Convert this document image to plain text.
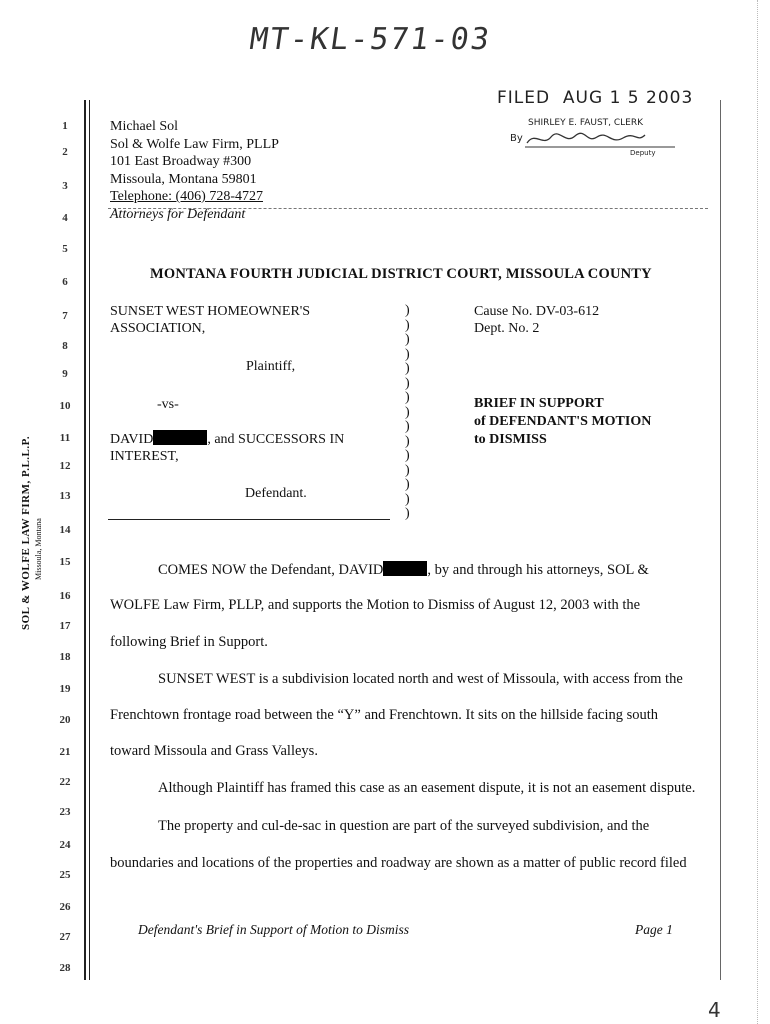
MT-KL-571-03
FILED AUG 1 5 2003
SHIRLEY E. FAUST, CLERK
By
Deputy
SOL & WOLFE LAW FIRM, P.L.L.P. Missoula, Montana
1
2
3
4
5
6
7
8
9
10
11
12
13
14
15
16
17
18
19
20
21
22
23
24
25
26
27
28
Michael Sol
Sol & Wolfe Law Firm, PLLP
101 East Broadway #300
Missoula, Montana 59801
Telephone: (406) 728-4727
Attorneys for Defendant
MONTANA FOURTH JUDICIAL DISTRICT COURT, MISSOULA COUNTY
SUNSET WEST HOMEOWNER'S
ASSOCIATION,
Plaintiff,
-vs-
DAVID	, and SUCCESSORS IN
INTEREST,
Defendant.
)
)
)
)
)
)
)
)
)
)
)
)
)
)
)
Cause No. DV-03-612
Dept. No. 2
BRIEF IN SUPPORT
of DEFENDANT'S MOTION
to DISMISS
COMES NOW the Defendant, DAVID	, by and through his attorneys, SOL &
WOLFE Law Firm, PLLP, and supports the Motion to Dismiss of August 12, 2003 with the
following Brief in Support.
SUNSET WEST is a subdivision located north and west of Missoula, with access from the
Frenchtown frontage road between the “Y” and Frenchtown. It sits on the hillside facing south
toward Missoula and Grass Valleys.
Although Plaintiff has framed this case as an easement dispute, it is not an easement dispute.
The property and cul-de-sac in question are part of the surveyed subdivision, and the
boundaries and locations of the properties and roadway are shown as a matter of public record filed
Defendant's Brief in Support of Motion to Dismiss	Page 1
4
